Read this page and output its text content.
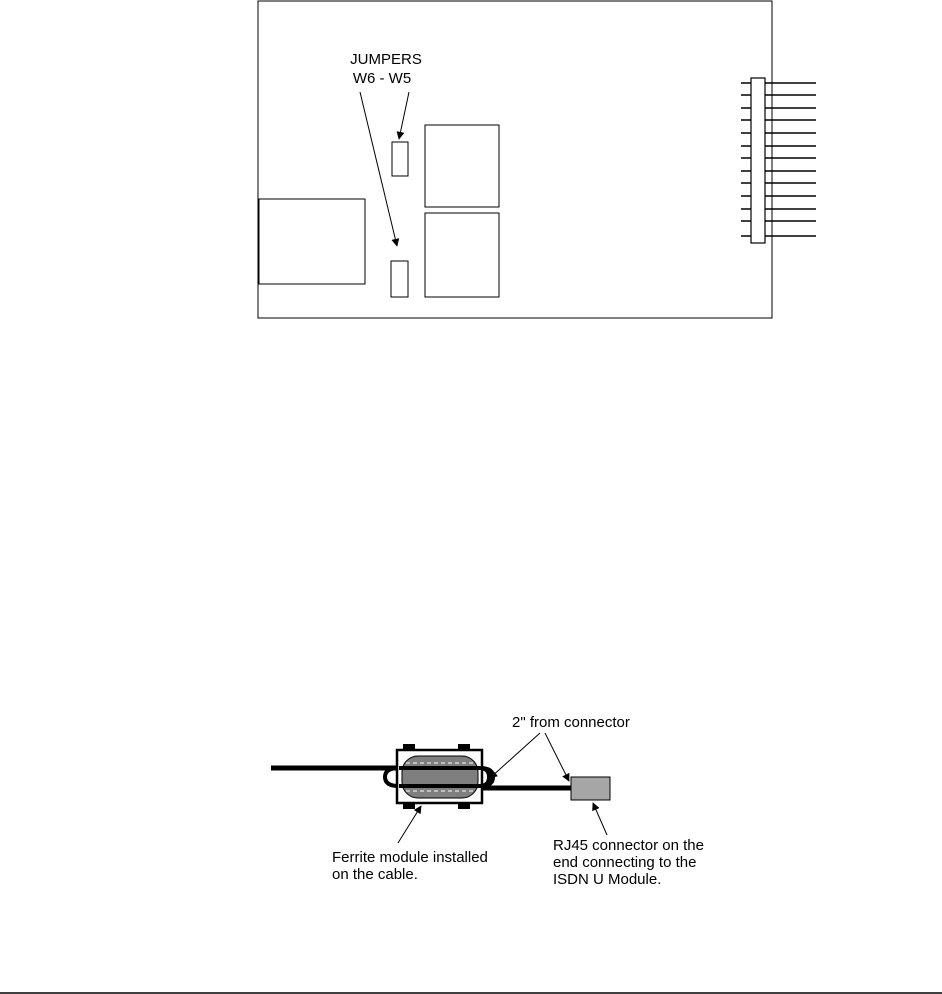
JUMPERS
W6 - W5
2" from connector
Ferrite module installed
on the cable.
RJ45 connector on the
end connecting to the
ISDN U Module.
